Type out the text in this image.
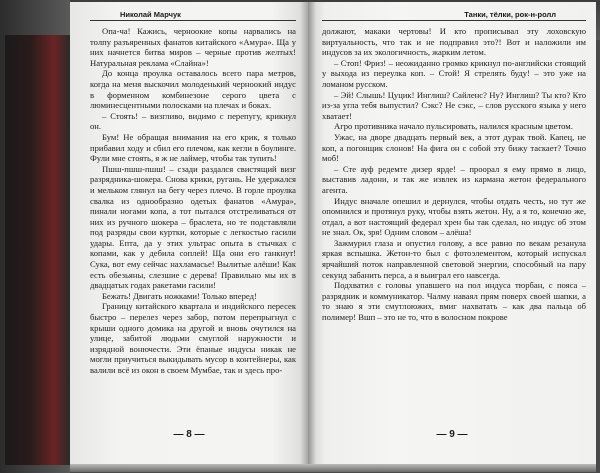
Николай Марчук

Опа-ча! Кажись, черноокие копы нарвались на толпу разъяренных фанатов китайского «Амура». Ща у них начнется битва миров – черные против желтых! Натуральная реклама «Слайна»!

До конца проулка оставалось всего пара метров, когда на меня выскочил молоденький черноокий индус в форменном комбинезоне серого цвета с люминесцентными полосками на плечах и боках.

– Стоять! – визгливо, видимо с перепугу, крикнул он.

Бум! Не обращая внимания на его крик, я только прибавил ходу и сбил его плечом, как кегли в боулинге. Фули мне стоять, я ж не лаймер, чтобы так тупить!

Пшш-пшш-пшш! – сзади раздался свистящий визг разрядника-шокера. Снова крики, ругань. Не удержался и мельком глянул на бегу через плечо. В горле проулка свалка из однообразно одетых фанатов «Амура», пинали ногами копа, а тот пытался отстреливаться от них из ручного шокера – браслета, но те подставляли под разряды свои куртки, которые с легкостью гасили удары. Епта, да у этих ультрас опыта в стычках с копами, как у дебила соплей! Ща они его ганкнут! Сука, вот ему сейчас нахламасье! Вылитые алёши! Как есть обезьяны, слезшие с дерева! Правильно мы их в двадцатых годах ракетами гасили!

Бежать! Двигать ножками! Только вперед!

Границу китайского квартала и индийского пересек быстро – перелез через забор, потом перепрыгнул с крыши одного домика на другой и вновь очутился на улице, забитой людьми смуглой наружности и изрядной вонючести. Эти ёпаные индусы никак не могли приучиться выкидывать мусор в контейнеры, как валили всё из окон в своем Мумбае, так и здесь про-

— 8 —
Танки, тёлки, рок-н-ролл

должают, макаки чертовы! И кто прописывал эту лоховскую виртуальность, что так и не подправил это?! Вот и наложили им индусов за их экологичность, жарким летом.

– Стоп! Фриз! – неожиданно громко крикнул по-английски стоящий у выхода из переулка коп. – Стой! Я стрелять буду! – это уже на ломаном русском.

– Эй! Слышь! Цуцик! Инглиш? Сайленс? Ну? Инглиш? Ты кто? Кто из-за угла тебя выпустил? Сэкс? Не сэкс, – слов русского языка у него хватает!

Агро противника начало пульсировать, налился красным цветом.

Ужас, на дворе двадцать первый век, а этот дурак твой. Капец, не коп, а погонщик слонов! На фига он с собой эту бижу таскает? Точно моб!

– Сте ауф редемте дизер ярде! – проорал я ему прямо в лицо, выставив ладони, и так же извлек из кармана жетон федерального агента.

Индус вначале опешил и дернулся, чтобы отдать честь, но тут же опомнился и протянул руку, чтобы взять жетон. Ну, а я то, конечно же, отдал, а вот настоящий федерал хрен бы так сделал, но индус об этом не знал. Ок, зря! Одним словом – алёша!

Зажмурил глаза и опустил голову, а все равно по векам резанула яркая вспышка. Жетон-то был с фотоэлементом, который испускал ярчайший поток направленной световой энергии, способный на пару секунд забанить перса, а я выиграл его навсегда.

Подхватил с головы упавшего на пол индуса тюрбан, с пояса – разрядник и коммуникатор. Чалму наваял прям поверх своей шапки, а то знаю я эти смутлоюжих, вмиг нахватать – как два пальца об полимер! Вшп – это не то, что в волосном покрове

— 9 —
